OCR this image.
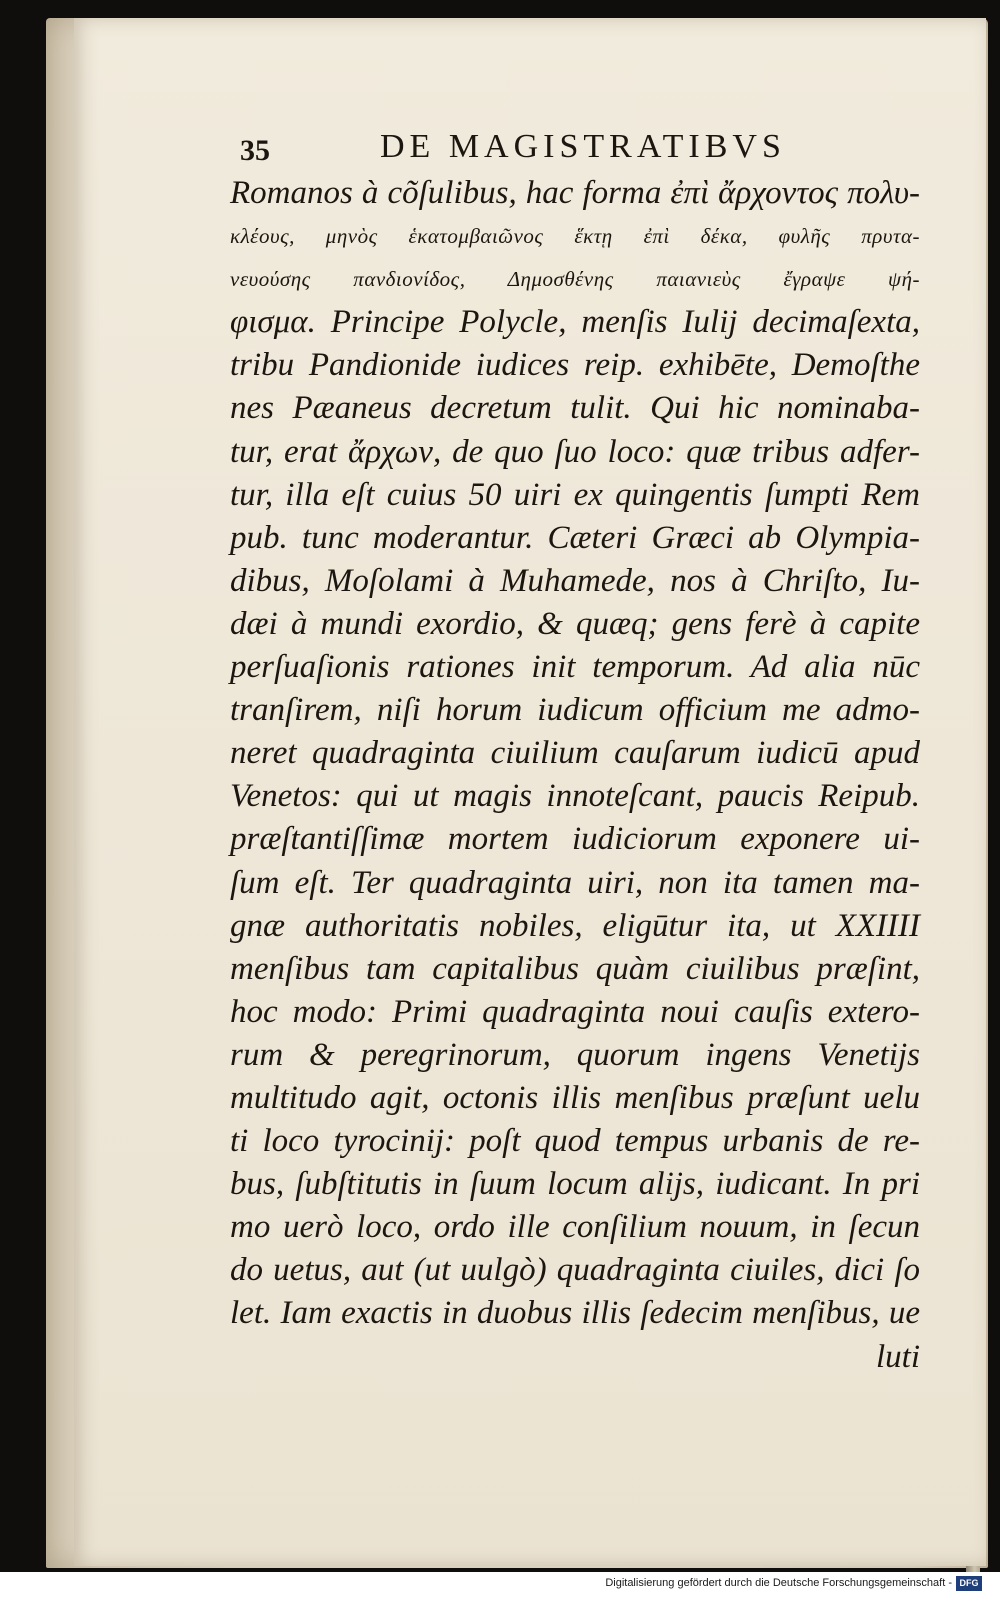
35	DE MAGISTRATIBVS
Romanos à cõſulibus, hac forma ἐπὶ ἄρχοντος πολυ-
κλέους, μηνὸς ἑκατομβαιῶνος ἕκτῃ ἐπὶ δέκα, φυλῆς πρυτα-
νευούσης πανδιονίδος, Δημοσθένης παιανιεὺς ἔγραψε ψή-
φισμα. Principe Polycle, menſis Iulij decimaſexta,
tribu Pandionide iudices reip. exhibēte, Demoſthe
nes Pæaneus decretum tulit. Qui hic nominaba-
tur, erat ἄρχων, de quo ſuo loco: quæ tribus adfer-
tur, illa eſt cuius 50 uiri ex quingentis ſumpti Rem
pub. tunc moderantur. Cæteri Græci ab Olympia-
dibus, Moſolami à Muhamede, nos à Chriſto, Iu-
dæi à mundi exordio, & quæq; gens ferè à capite
perſuaſionis rationes init temporum. Ad alia nūc
tranſirem, niſi horum iudicum officium me admo-
neret quadraginta ciuilium cauſarum iudicū apud
Venetos: qui ut magis innoteſcant, paucis Reipub.
præſtantiſſimæ mortem iudiciorum exponere ui-
ſum eſt. Ter quadraginta uiri, non ita tamen ma-
gnæ authoritatis nobiles, eligūtur ita, ut XXIIII
menſibus tam capitalibus quàm ciuilibus præſint,
hoc modo: Primi quadraginta noui cauſis extero-
rum & peregrinorum, quorum ingens Venetijs
multitudo agit, octonis illis menſibus præſunt uelu
ti loco tyrocinij: poſt quod tempus urbanis de re-
bus, ſubſtitutis in ſuum locum alijs, iudicant. In pri
mo uerò loco, ordo ille conſilium nouum, in ſecun
do uetus, aut (ut uulgò) quadraginta ciuiles, dici ſo
let. Iam exactis in duobus illis ſedecim menſibus, ue
luti
Digitalisierung gefördert durch die Deutsche Forschungsgemeinschaft - DFG
